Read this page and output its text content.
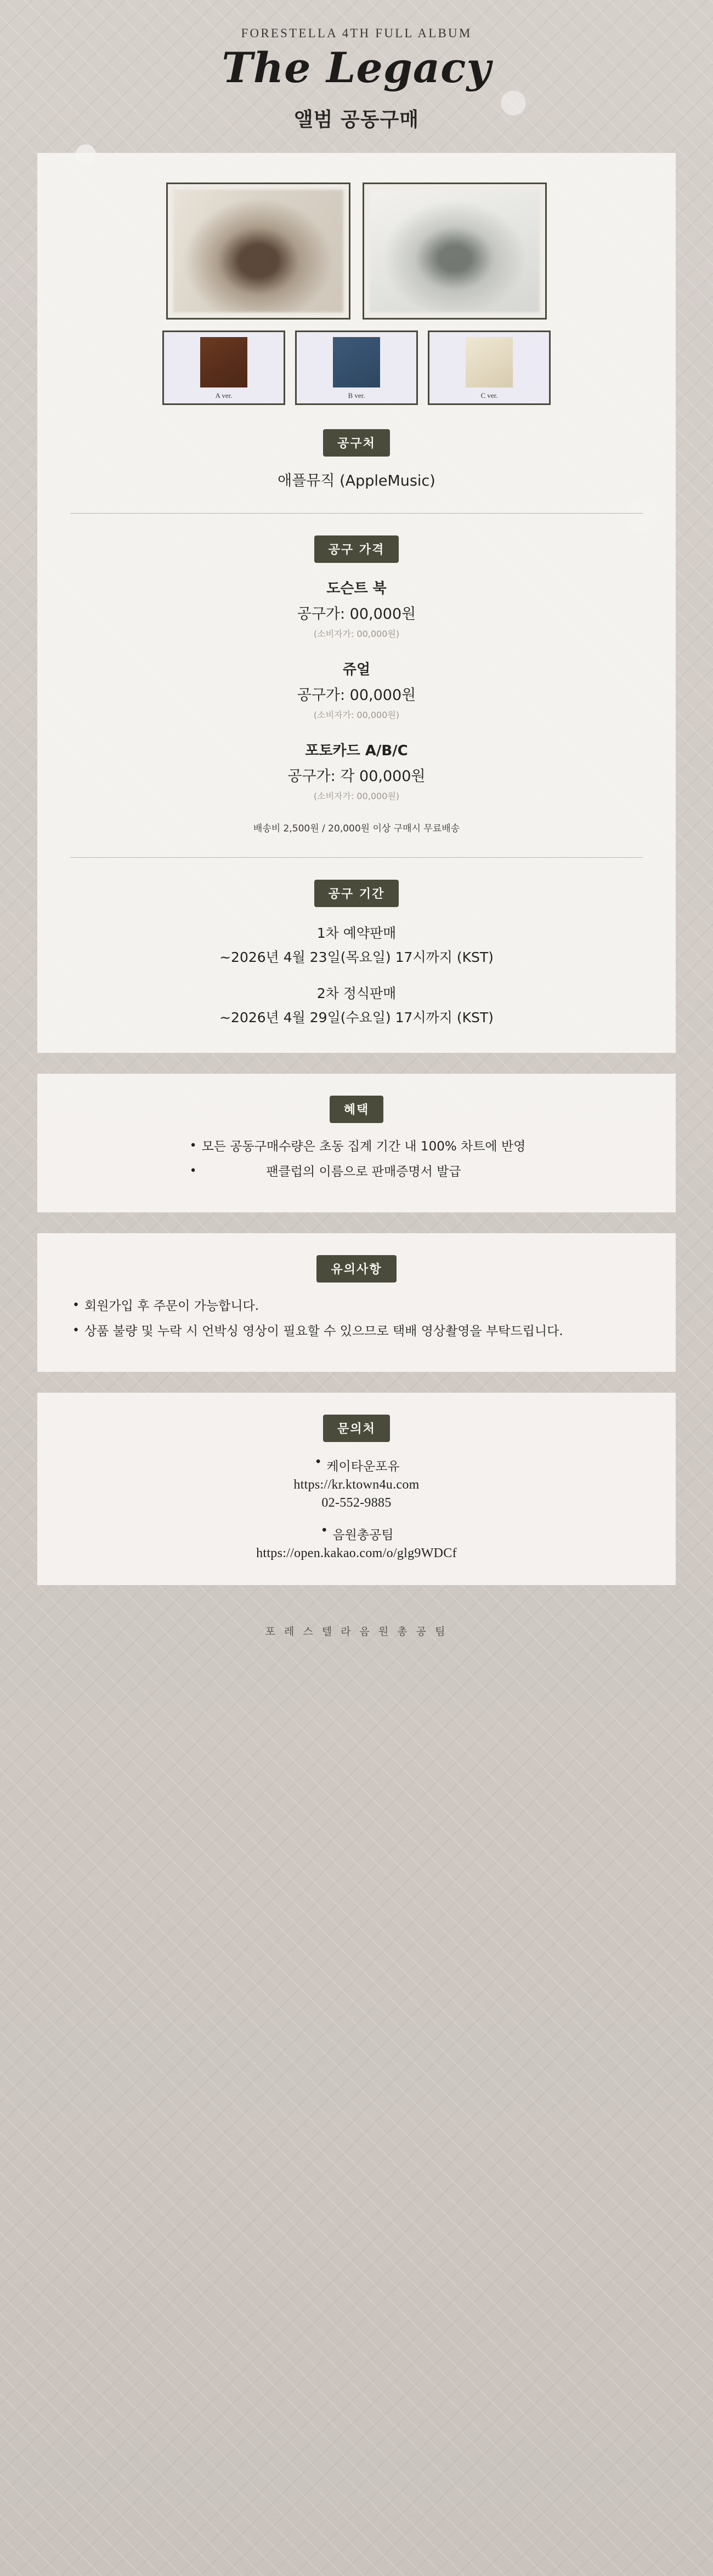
FORESTELLA 4TH FULL ALBUM
The Legacy
앨범 공동구매
A ver.	B ver.	C ver.
공구처
애플뮤직 (AppleMusic)
공구 가격
도슨트 북
공구가: 00,000원
(소비자가: 00,000원)
쥬얼
공구가: 00,000원
(소비자가: 00,000원)
포토카드 A/B/C
공구가: 각 00,000원
(소비자가: 00,000원)
배송비 2,500원 / 20,000원 이상 구매시 무료배송
공구 기간
1차 예약판매
~2026년 4월 23일(목요일) 17시까지 (KST)
2차 정식판매
~2026년 4월 29일(수요일) 17시까지 (KST)
혜택
• 모든 공동구매수량은 초동 집계 기간 내 100% 차트에 반영
• 팬클럽의 이름으로 판매증명서 발급
유의사항
• 회원가입 후 주문이 가능합니다.
• 상품 불량 및 누락 시 언박싱 영상이 필요할 수 있으므로 택배 영상촬영을 부탁드립니다.
문의처
• 케이타운포유
https://kr.ktown4u.com
02-552-9885
• 음원총공팀
https://open.kakao.com/o/glg9WDCf
포 레 스 텔 라 음 원 총 공 팀
